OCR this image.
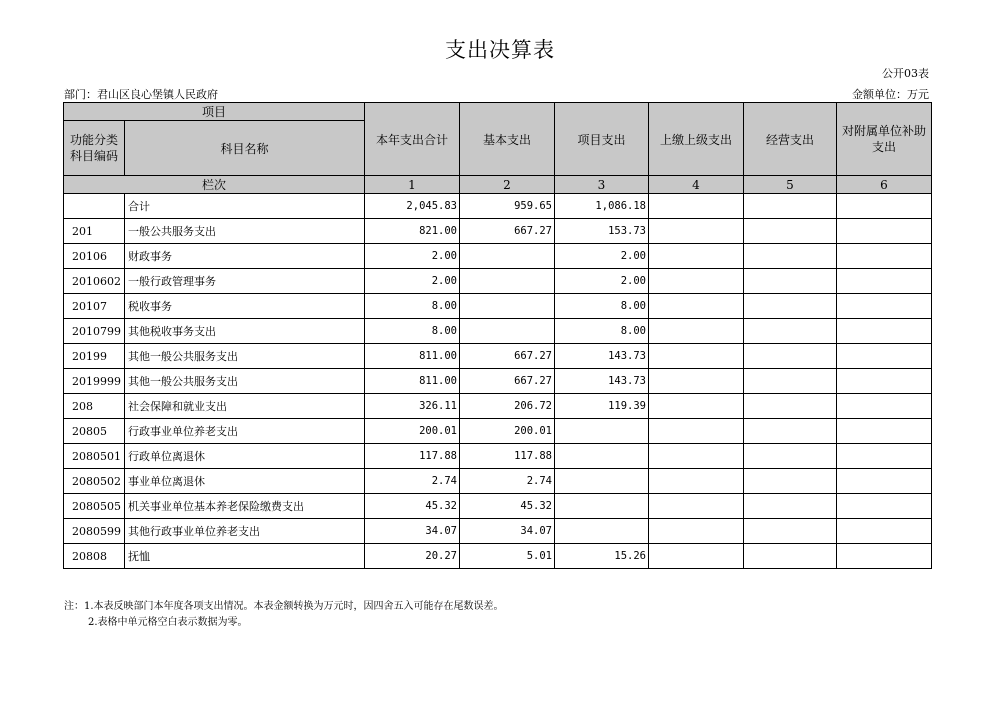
支出决算表
公开03表
部门：君山区良心堡镇人民政府	金额单位：万元
项目		本年支出合计	基本支出	项目支出	上缴上级支出	经营支出	对附属单位补助支出
功能分类科目编码	科目名称						
栏次		1	2	3	4	5	6
	合计	2,045.83	959.65	1,086.18			
201	一般公共服务支出	821.00	667.27	153.73			
20106	财政事务	2.00		2.00			
2010602	一般行政管理事务	2.00		2.00			
20107	税收事务	8.00		8.00			
2010799	其他税收事务支出	8.00		8.00			
20199	其他一般公共服务支出	811.00	667.27	143.73			
2019999	其他一般公共服务支出	811.00	667.27	143.73			
208	社会保障和就业支出	326.11	206.72	119.39			
20805	行政事业单位养老支出	200.01	200.01				
2080501	行政单位离退休	117.88	117.88				
2080502	事业单位离退休	2.74	2.74				
2080505	机关事业单位基本养老保险缴费支出	45.32	45.32				
2080599	其他行政事业单位养老支出	34.07	34.07				
20808	抚恤	20.27	5.01	15.26			
注：1.本表反映部门本年度各项支出情况。本表金额转换为万元时，因四舍五入可能存在尾数误差。
2.表格中单元格空白表示数据为零。
